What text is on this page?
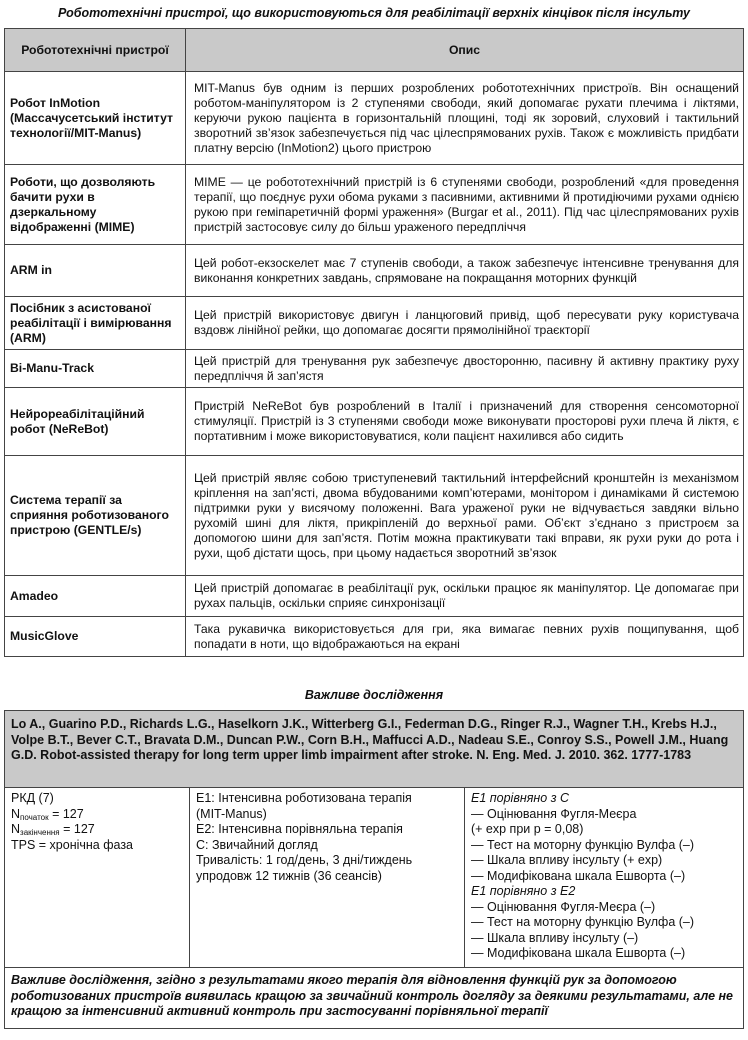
Робототехнічні пристрої, що використовуються для реабілітації верхніх кінцівок після інсульту
Робототехнічні пристрої	Опис
Робот InMotion (Массачусетський інститут технології/MIT-Manus)	MIT-Manus був одним із перших розроблених робототехнічних пристроїв. Він оснащений роботом-маніпулятором із 2 ступенями свободи, який допомагає рухати плечима і ліктями, керуючи рукою пацієнта в горизонтальній площині, тоді як зоровий, слуховий і тактильний зворотний зв’язок забезпечується під час цілеспрямованих рухів. Також є можливість придбати платну версію (InMotion2) цього пристрою
Роботи, що дозволяють бачити рухи в дзеркальному відображенні (MIME)	MIME — це робототехнічний пристрій із 6 ступенями свободи, розроблений «для проведення терапії, що поєднує рухи обома руками з пасивними, активними й протидіючими рухами однією рукою при геміпаретичній формі ураження» (Burgar et al., 2011). Під час цілеспрямованих рухів пристрій застосовує силу до більш ураженого передпліччя
ARM in	Цей робот-екзоскелет має 7 ступенів свободи, а також забезпечує інтенсивне тренування для виконання конкретних завдань, спрямоване на покращання моторних функцій
Посібник з асистованої реабілітації і вимірювання (ARM)	Цей пристрій використовує двигун і ланцюговий привід, щоб пересувати руку користувача вздовж лінійної рейки, що допомагає досягти прямолінійної траєкторії
Bi-Manu-Track	Цей пристрій для тренування рук забезпечує двосторонню, пасивну й активну практику руху передпліччя й зап’ястя
Нейрореабілітаційний робот (NeReBot)	Пристрій NeReBot був розроблений в Італії і призначений для створення сенсомоторної стимуляції. Пристрій із 3 ступенями свободи може виконувати просторові рухи плеча й ліктя, є портативним і може використовуватися, коли пацієнт нахилився або сидить
Система терапії за сприяння роботизованого пристрою (GENTLE/s)	Цей пристрій являє собою триступеневий тактильний інтерфейсний кронштейн із механізмом кріплення на зап’ясті, двома вбудованими комп’ютерами, монітором і динаміками й системою підтримки руки у висячому положенні. Вага ураженої руки не відчувається завдяки вільно рухомій шині для ліктя, прикріпленій до верхньої рами. Об’єкт з’єднано з пристроєм за допомогою шини для зап’ястя. Потім можна практикувати такі вправи, як рухи руки до рота і рухи, щоб дістати щось, при цьому надається зворотний зв’язок
Amadeo	Цей пристрій допомагає в реабілітації рук, оскільки працює як маніпулятор. Це допомагає при рухах пальців, оскільки сприяє синхронізації
MusicGlove	Така рукавичка використовується для гри, яка вимагає певних рухів пощипування, щоб попадати в ноти, що відображаються на екрані
Важливе дослідження
Lo A., Guarino P.D., Richards L.G., Haselkorn J.K., Witterberg G.I., Federman D.G., Ringer R.J., Wagner T.H., Krebs H.J., Volpe B.T., Bever C.T., Bravata D.M., Duncan P.W., Corn B.H., Maffucci A.D., Nadeau S.E., Conroy S.S., Powell J.M., Huang G.D. Robot-assisted therapy for long term upper limb impairment after stroke. N. Eng. Med. J. 2010. 362. 1777-1783

РКД (7)
$N_{початок} = 127$
$N_{закінчення} = 127$
TPS = хронічна фаза

E1: Інтенсивна роботизована терапія
(MIT-Manus)
E2: Інтенсивна порівняльна терапія
C: Звичайний догляд
Тривалість: 1 год/день, 3 дні/тиждень
упродовж 12 тижнів (36 сеансів)

E1 порівняно з C
— Оцінювання Фугля-Меєра
(+ exp при p = 0,08)
— Тест на моторну функцію Вулфа (–)
— Шкала впливу інсульту (+ exp)
— Модифікована шкала Ешворта (–)
E1 порівняно з E2
— Оцінювання Фугля-Меєра (–)
— Тест на моторну функцію Вулфа (–)
— Шкала впливу інсульту (–)
— Модифікована шкала Ешворта (–)

Важливе дослідження, згідно з результатами якого терапія для відновлення функцій рук за допомогою роботизованих пристроїв виявилась кращою за звичайний контроль догляду за деякими результатами, але не кращою за інтенсивний активний контроль при застосуванні порівняльної терапії
